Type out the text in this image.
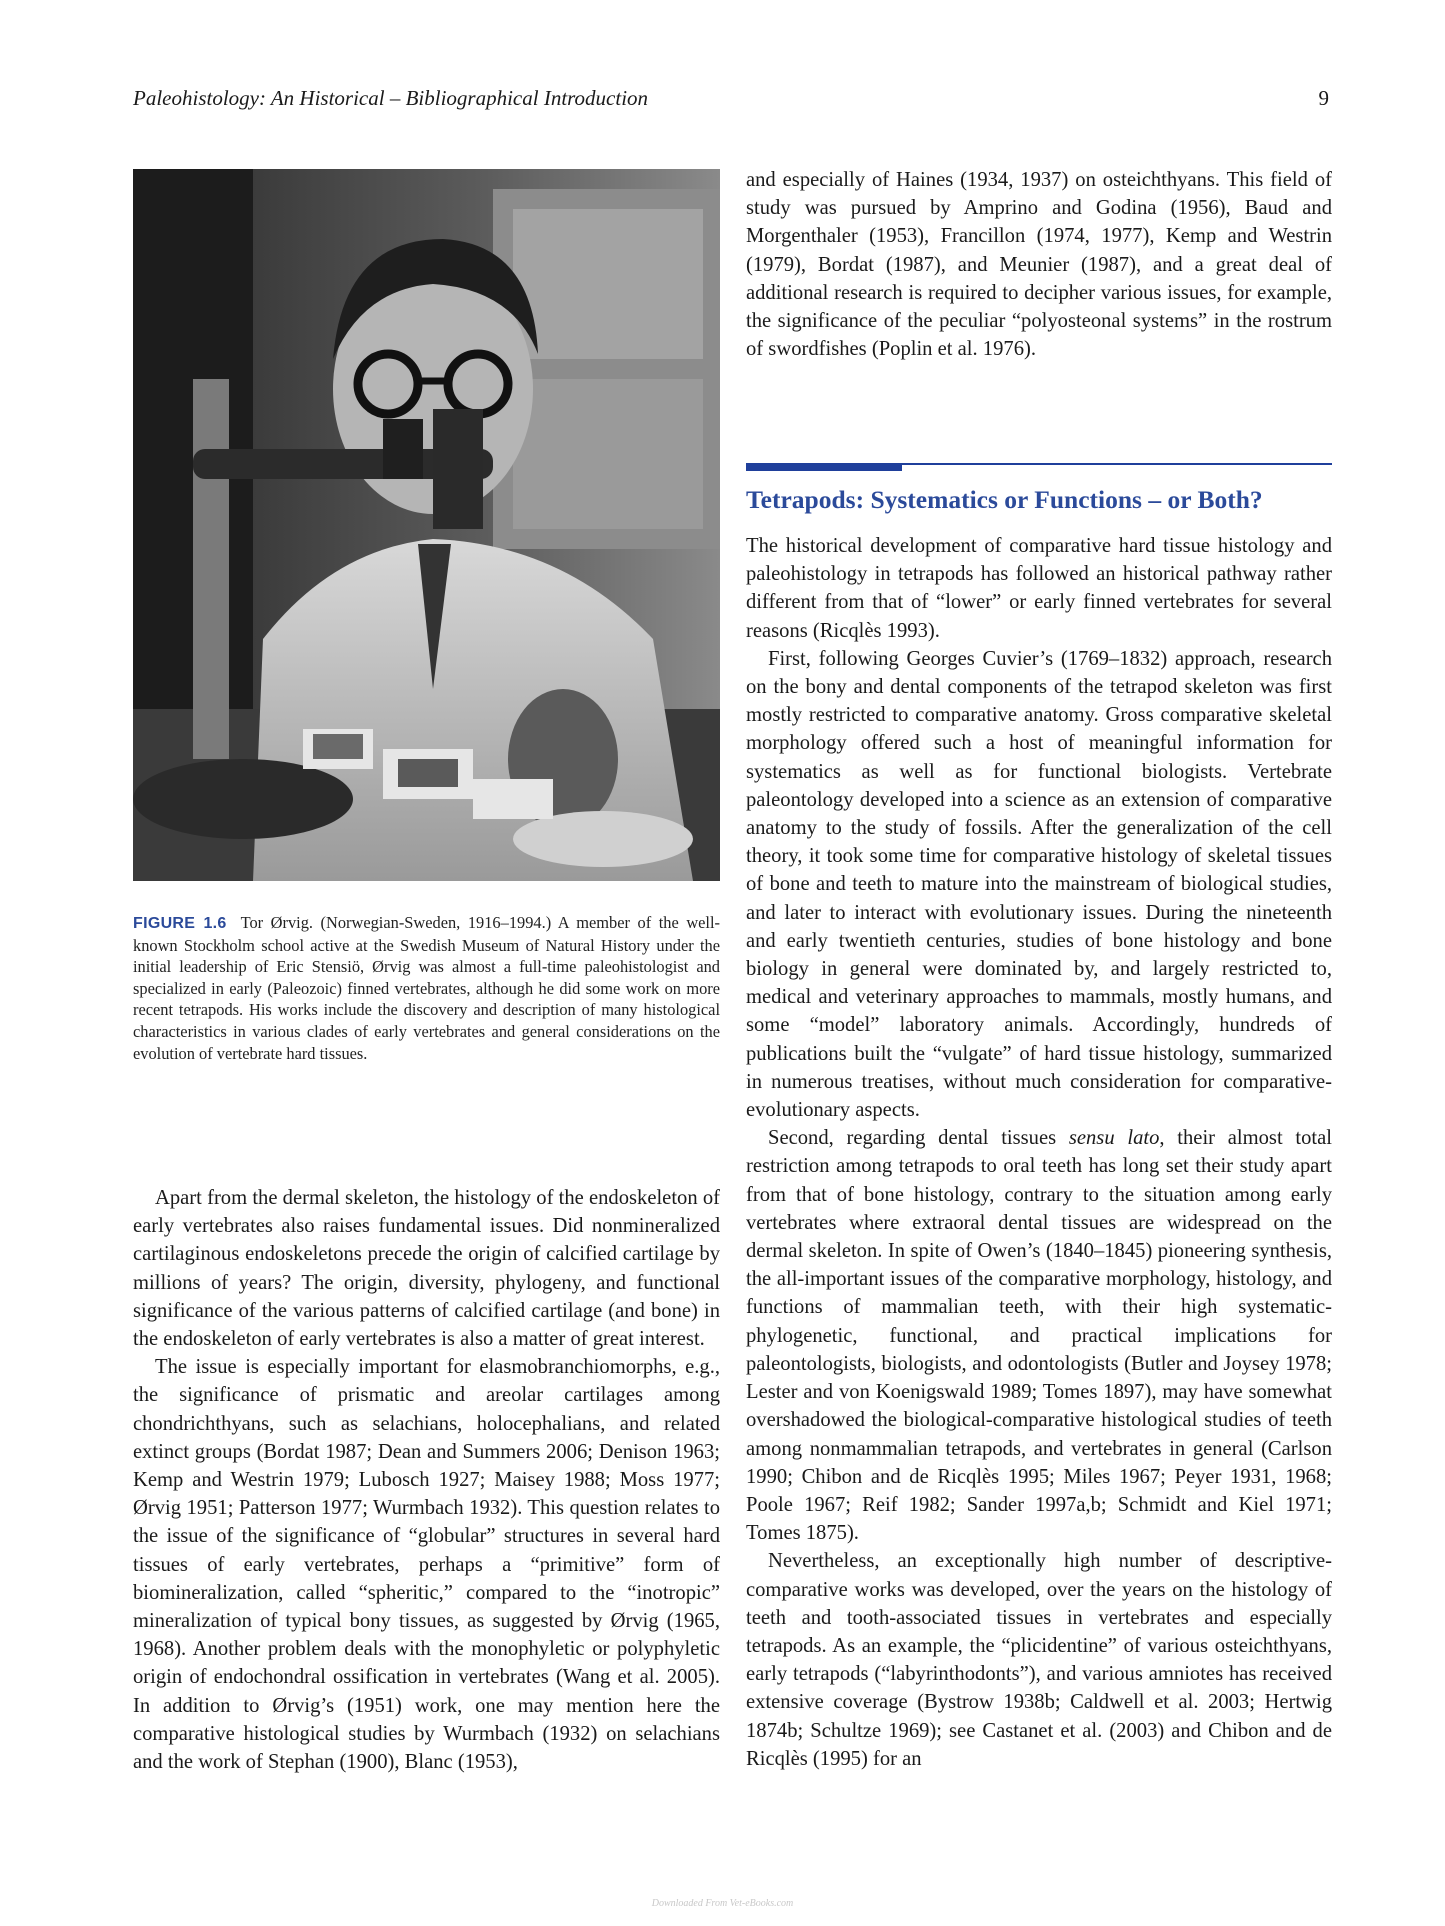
Paleohistology: An Historical – Bibliographical Introduction	9
FIGURE 1.6 Tor Ørvig. (Norwegian-Sweden, 1916–1994.) A member of the well-known Stockholm school active at the Swedish Museum of Natural History under the initial leadership of Eric Stensiö, Ørvig was almost a full-time paleohistologist and specialized in early (Paleozoic) finned vertebrates, although he did some work on more recent tetrapods. His works include the discovery and description of many histological characteristics in various clades of early vertebrates and general considerations on the evolution of vertebrate hard tissues.

Apart from the dermal skeleton, the histology of the endoskeleton of early vertebrates also raises fundamental issues. Did nonmineralized cartilaginous endoskeletons precede the origin of calcified cartilage by millions of years? The origin, diversity, phylogeny, and functional significance of the various patterns of calcified cartilage (and bone) in the endoskeleton of early vertebrates is also a matter of great interest.

The issue is especially important for elasmobranchiomorphs, e.g., the significance of prismatic and areolar cartilages among chondrichthyans, such as selachians, holocephalians, and related extinct groups (Bordat 1987; Dean and Summers 2006; Denison 1963; Kemp and Westrin 1979; Lubosch 1927; Maisey 1988; Moss 1977; Ørvig 1951; Patterson 1977; Wurmbach 1932). This question relates to the issue of the significance of “globular” structures in several hard tissues of early vertebrates, perhaps a “primitive” form of biomineralization, called “spheritic,” compared to the “inotropic” mineralization of typical bony tissues, as suggested by Ørvig (1965, 1968). Another problem deals with the monophyletic or polyphyletic origin of endochondral ossification in vertebrates (Wang et al. 2005). In addition to Ørvig’s (1951) work, one may mention here the comparative histological studies by Wurmbach (1932) on selachians and the work of Stephan (1900), Blanc (1953),

and especially of Haines (1934, 1937) on osteichthyans. This field of study was pursued by Amprino and Godina (1956), Baud and Morgenthaler (1953), Francillon (1974, 1977), Kemp and Westrin (1979), Bordat (1987), and Meunier (1987), and a great deal of additional research is required to decipher various issues, for example, the significance of the peculiar “polyosteonal systems” in the rostrum of swordfishes (Poplin et al. 1976).

Tetrapods: Systematics or Functions – or Both?

The historical development of comparative hard tissue histology and paleohistology in tetrapods has followed an historical pathway rather different from that of “lower” or early finned vertebrates for several reasons (Ricqlès 1993).

First, following Georges Cuvier’s (1769–1832) approach, research on the bony and dental components of the tetrapod skeleton was first mostly restricted to comparative anatomy. Gross comparative skeletal morphology offered such a host of meaningful information for systematics as well as for functional biologists. Vertebrate paleontology developed into a science as an extension of comparative anatomy to the study of fossils. After the generalization of the cell theory, it took some time for comparative histology of skeletal tissues of bone and teeth to mature into the mainstream of biological studies, and later to interact with evolutionary issues. During the nineteenth and early twentieth centuries, studies of bone histology and bone biology in general were dominated by, and largely restricted to, medical and veterinary approaches to mammals, mostly humans, and some “model” laboratory animals. Accordingly, hundreds of publications built the “vulgate” of hard tissue histology, summarized in numerous treatises, without much consideration for comparative-evolutionary aspects.

Second, regarding dental tissues sensu lato, their almost total restriction among tetrapods to oral teeth has long set their study apart from that of bone histology, contrary to the situation among early vertebrates where extraoral dental tissues are widespread on the dermal skeleton. In spite of Owen’s (1840–1845) pioneering synthesis, the all-important issues of the comparative morphology, histology, and functions of mammalian teeth, with their high systematic-phylogenetic, functional, and practical implications for paleontologists, biologists, and odontologists (Butler and Joysey 1978; Lester and von Koenigswald 1989; Tomes 1897), may have somewhat overshadowed the biological-comparative histological studies of teeth among nonmammalian tetrapods, and vertebrates in general (Carlson 1990; Chibon and de Ricqlès 1995; Miles 1967; Peyer 1931, 1968; Poole 1967; Reif 1982; Sander 1997a,b; Schmidt and Kiel 1971; Tomes 1875).

Nevertheless, an exceptionally high number of descriptive-comparative works was developed, over the years on the histology of teeth and tooth-associated tissues in vertebrates and especially tetrapods. As an example, the “plicidentine” of various osteichthyans, early tetrapods (“labyrinthodonts”), and various amniotes has received extensive coverage (Bystrow 1938b; Caldwell et al. 2003; Hertwig 1874b; Schultze 1969); see Castanet et al. (2003) and Chibon and de Ricqlès (1995) for an

Downloaded From Vet-eBooks.com
